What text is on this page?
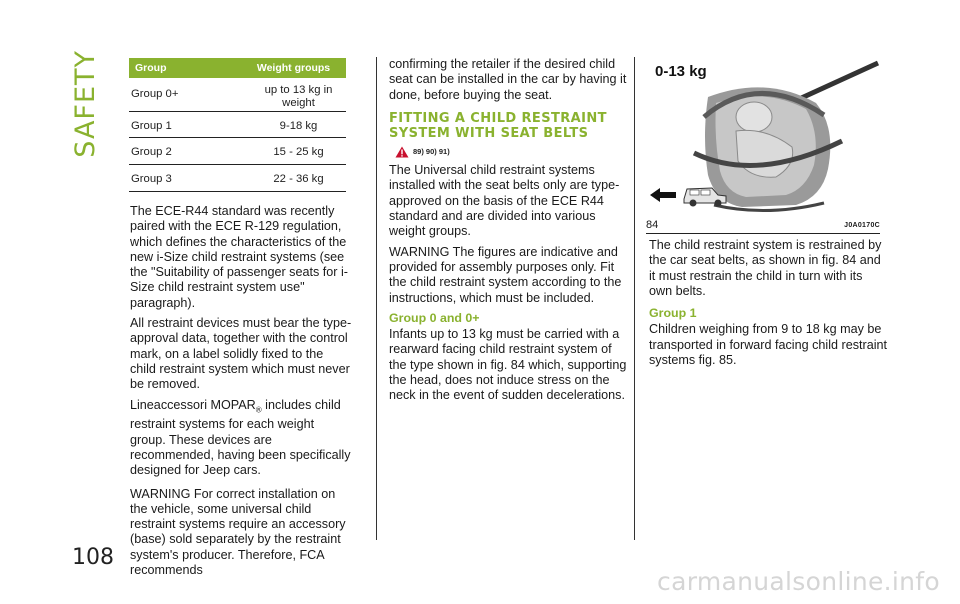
SAFETY
108
Group	Weight groups
Group 0+	up to 13 kg in weight
Group 1	9-18 kg
Group 2	15 - 25 kg
Group 3	22 - 36 kg

The ECE-R44 standard was recently paired with the ECE R-129 regulation, which defines the characteristics of the new i-Size child restraint systems (see the "Suitability of passenger seats for i-Size child restraint system use" paragraph).

All restraint devices must bear the type-approval data, together with the control mark, on a label solidly fixed to the child restraint system which must never be removed.

Lineaccessori $MOPAR_®$ includes child restraint systems for each weight group. These devices are recommended, having been specifically designed for Jeep cars.

WARNING For correct installation on the vehicle, some universal child restraint systems require an accessory (base) sold separately by the restraint system's producer. Therefore, FCA recommends

confirming the retailer if the desired child seat can be installed in the car by having it done, before buying the seat.

FITTING A CHILD RESTRAINT SYSTEM WITH SEAT BELTS
89) 90) 91)

The Universal child restraint systems installed with the seat belts only are type-approved on the basis of the ECE R44 standard and are divided into various weight groups.

WARNING The figures are indicative and provided for assembly purposes only. Fit the child restraint system according to the instructions, which must be included.

Group 0 and 0+

Infants up to 13 kg must be carried with a rearward facing child restraint system of the type shown in fig. 84 which, supporting the head, does not induce stress on the neck in the event of sudden decelerations.

0-13 kg
84	J0A0170C

The child restraint system is restrained by the car seat belts, as shown in fig. 84 and it must restrain the child in turn with its own belts.

Group 1

Children weighing from 9 to 18 kg may be transported in forward facing child restraint systems fig. 85.

carmanualsonline.info
